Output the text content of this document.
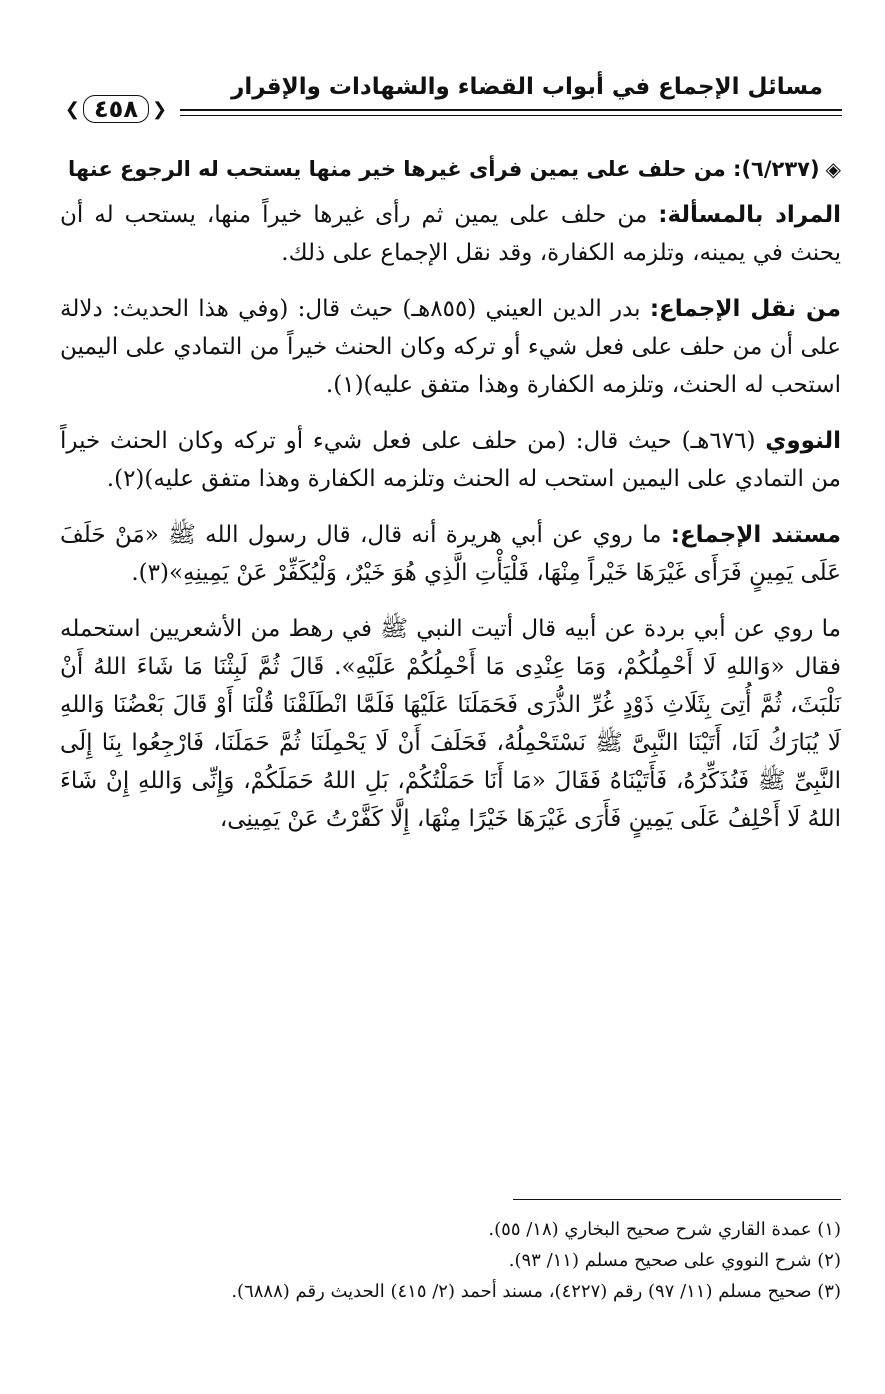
مسائل الإجماع في أبواب القضاء والشهادات والإقرار
❮ ٤٥٨ ❯

◈(٦/٢٣٧): من حلف على يمين فرأى غيرها خير منها يستحب له الرجوع عنها

المراد بالمسألة: من حلف على يمين ثم رأى غيرها خيراً منها، يستحب له أن يحنث في يمينه، وتلزمه الكفارة، وقد نقل الإجماع على ذلك.

من نقل الإجماع: بدر الدين العيني (٨٥٥هـ) حيث قال: (وفي هذا الحديث: دلالة على أن من حلف على فعل شيء أو تركه وكان الحنث خيراً من التمادي على اليمين استحب له الحنث، وتلزمه الكفارة وهذا متفق عليه)(١).

النووي (٦٧٦هـ) حيث قال: (من حلف على فعل شيء أو تركه وكان الحنث خيراً من التمادي على اليمين استحب له الحنث وتلزمه الكفارة وهذا متفق عليه)(٢).

مستند الإجماع: ما روي عن أبي هريرة أنه قال، قال رسول الله ﷺ «مَنْ حَلَفَ عَلَى يَمِينٍ فَرَأَى غَيْرَهَا خَيْراً مِنْهَا، فَلْيَأْتِ الَّذِي هُوَ خَيْرٌ، وَلْيُكَفِّرْ عَنْ يَمِينِهِ»(٣).

ما روي عن أبي بردة عن أبيه قال أتيت النبي ﷺ في رهط من الأشعريين استحمله فقال «وَاللهِ لَا أَحْمِلُكُمْ، وَمَا عِنْدِى مَا أَحْمِلُكُمْ عَلَيْهِ». قَالَ ثُمَّ لَبِثْنَا مَا شَاءَ اللهُ أَنْ نَلْبَثَ، ثُمَّ أُتِىَ بِثَلَاثِ ذَوْدٍ غُرِّ الذُّرَى فَحَمَلَنَا عَلَيْهَا فَلَمَّا انْطَلَقْنَا قُلْنَا أَوْ قَالَ بَعْضُنَا وَاللهِ لَا يُبَارَكُ لَنَا، أَتَيْنَا النَّبِىَّ ﷺ نَسْتَحْمِلُهُ، فَحَلَفَ أَنْ لَا يَحْمِلَنَا ثُمَّ حَمَلَنَا، فَارْجِعُوا بِنَا إِلَى النَّبِىِّ ﷺ فَنُذَكِّرُهُ، فَأَتَيْنَاهُ فَقَالَ «مَا أَنَا حَمَلْتُكُمْ، بَلِ اللهُ حَمَلَكُمْ، وَإِنِّى وَاللهِ إِنْ شَاءَ اللهُ لَا أَحْلِفُ عَلَى يَمِينٍ فَأَرَى غَيْرَهَا خَيْرًا مِنْهَا، إِلَّا كَفَّرْتُ عَنْ يَمِينِى،

(١) عمدة القاري شرح صحيح البخاري (١٨/ ٥٥).
(٢) شرح النووي على صحيح مسلم (١١/ ٩٣).
(٣) صحيح مسلم (١١/ ٩٧) رقم (٤٢٢٧)، مسند أحمد (٢/ ٤١٥) الحديث رقم (٦٨٨٨).
